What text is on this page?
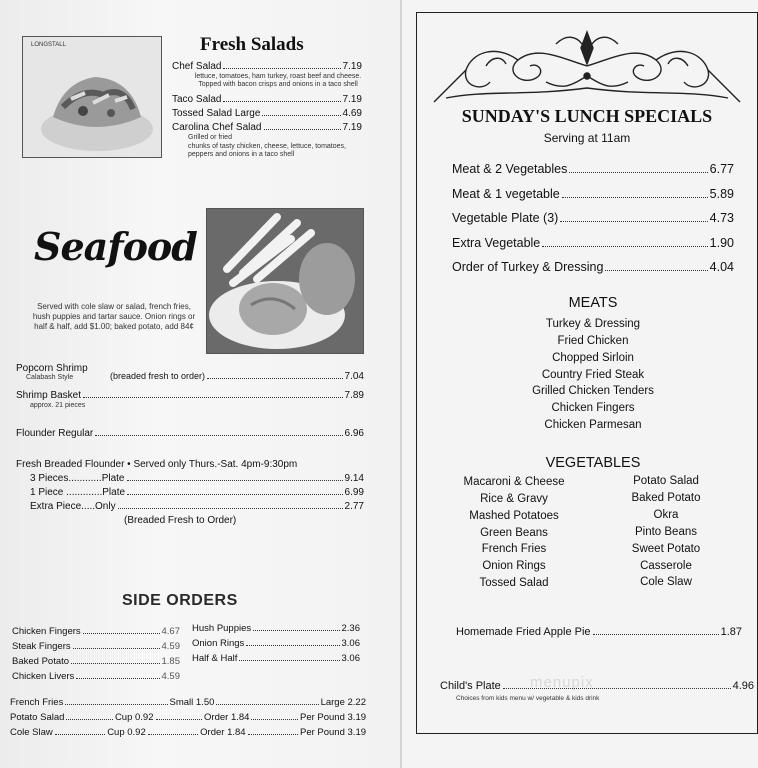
LONGSTALL	Fresh Salads
Chef Salad	7.19
lettuce, tomatoes, ham turkey, roast beef and cheese. Topped with bacon crisps and onions in a taco shell
Taco Salad	7.19
Tossed Salad Large	4.69
Carolina Chef Salad	7.19
Grilled or fried
chunks of tasty chicken, cheese, lettuce, tomatoes, peppers and onions in a taco shell
Seafood
Served with cole slaw or salad, french fries, hush puppies and tartar sauce. Onion rings or half & half, add $1.00; baked potato, add 84¢
Popcorn Shrimp
Calabash Style	(breaded fresh to order)	7.04
Shrimp Basket	7.89
approx. 21 pieces
Flounder Regular	6.96
Fresh Breaded Flounder • Served only Thurs.-Sat. 4pm-9:30pm
3 Pieces............Plate	9.14
1 Piece .............Plate	6.99
Extra Piece.....Only	2.77
(Breaded Fresh to Order)
SIDE ORDERS
Chicken Fingers	4.67
Steak Fingers	4.59
Baked Potato	1.85
Chicken Livers	4.59
Hush Puppies	2.36
Onion Rings	3.06
Half & Half	3.06
French Fries	Small 1.50	Large 2.22
Potato Salad	Cup 0.92	Order 1.84	Per Pound 3.19
Cole Slaw	Cup 0.92	Order 1.84	Per Pound 3.19
SUNDAY'S LUNCH SPECIALS
Serving at 11am
Meat & 2 Vegetables	6.77
Meat & 1 vegetable	5.89
Vegetable Plate (3)	4.73
Extra Vegetable	1.90
Order of Turkey & Dressing	4.04
MEATS
Turkey & Dressing
Fried Chicken
Chopped Sirloin
Country Fried Steak
Grilled Chicken Tenders
Chicken Fingers
Chicken Parmesan
VEGETABLES
Macaroni & Cheese
Rice & Gravy
Mashed Potatoes
Green Beans
French Fries
Onion Rings
Tossed Salad
Potato Salad
Baked Potato
Okra
Pinto Beans
Sweet Potato
Casserole
Cole Slaw
Homemade Fried Apple Pie	1.87
menupix
Child's Plate	4.96
Choices from kids menu w/ vegetable & kids drink
